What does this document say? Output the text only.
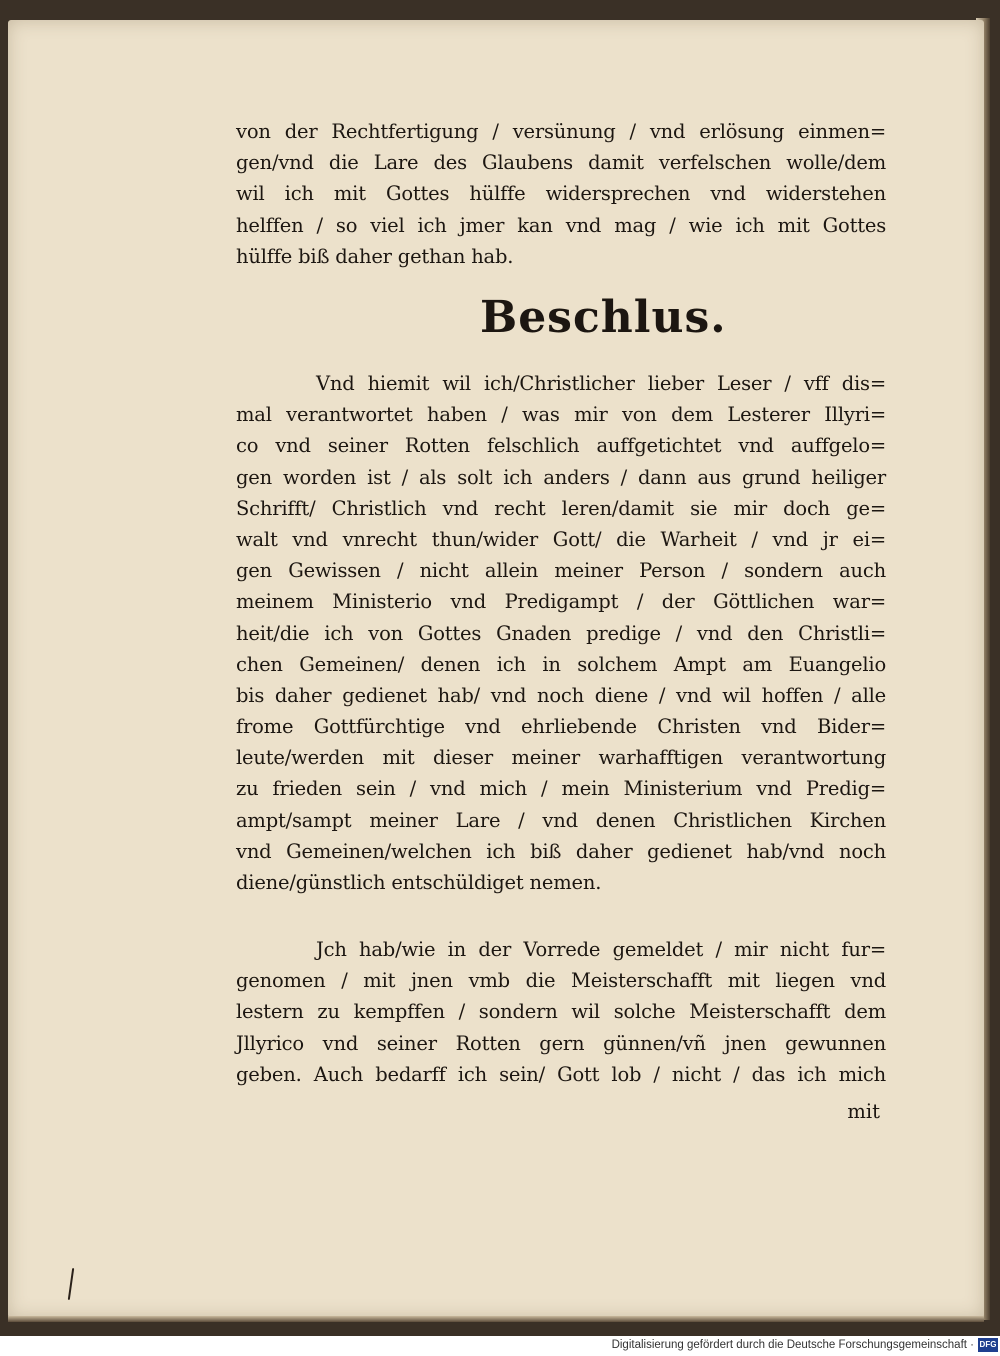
von der Rechtfertigung / versünung / vnd erlösung einmen=
gen/vnd die Lare des Glaubens damit verfelschen wolle/dem
wil ich mit Gottes hülffe widersprechen vnd widerstehen
helffen / so viel ich jmer kan vnd mag / wie ich mit Gottes
hülffe biß daher gethan hab.
Beschlus.
Vnd hiemit wil ich/Christlicher lieber Leser / vff dis=
mal verantwortet haben / was mir von dem Lesterer Illyri=
co vnd seiner Rotten felschlich auffgetichtet vnd auffgelo=
gen worden ist / als solt ich anders / dann aus grund heiliger
Schrifft/ Christlich vnd recht leren/damit sie mir doch ge=
walt vnd vnrecht thun/wider Gott/ die Warheit / vnd jr ei=
gen Gewissen / nicht allein meiner Person / sondern auch
meinem Ministerio vnd Predigampt / der Göttlichen war=
heit/die ich von Gottes Gnaden predige / vnd den Christli=
chen Gemeinen/ denen ich in solchem Ampt am Euangelio
bis daher gedienet hab/ vnd noch diene / vnd wil hoffen / alle
frome Gottfürchtige vnd ehrliebende Christen vnd Bider=
leute/werden mit dieser meiner warhafftigen verantwortung
zu frieden sein / vnd mich / mein Ministerium vnd Predig=
ampt/sampt meiner Lare / vnd denen Christlichen Kirchen
vnd Gemeinen/welchen ich biß daher gedienet hab/vnd noch
diene/günstlich entschüldiget nemen.
Jch hab/wie in der Vorrede gemeldet / mir nicht fur=
genomen / mit jnen vmb die Meisterschafft mit liegen vnd
lestern zu kempffen / sondern wil solche Meisterschafft dem
Jllyrico vnd seiner Rotten gern günnen/vñ jnen gewunnen
geben. Auch bedarff ich sein/ Gott lob / nicht / das ich mich
mit
Digitalisierung gefördert durch die Deutsche Forschungsgemeinschaft · DFG
